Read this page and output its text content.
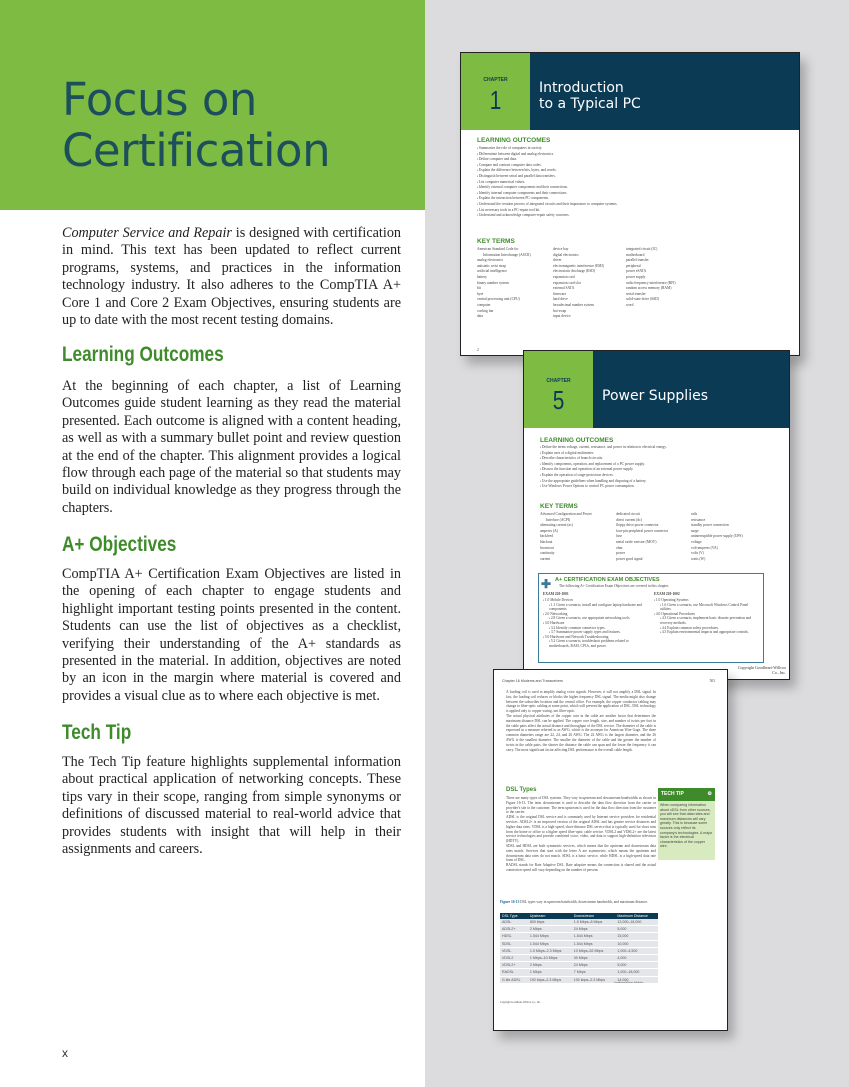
Focus on
Certification

Computer Service and Repair is designed with certification in mind. This text has been updated to reflect current programs, systems, and practices in the information technology industry. It also adheres to the CompTIA A+ Core 1 and Core 2 Exam Objectives, ensuring students are up to date with the most recent testing domains.

Learning Outcomes

At the beginning of each chapter, a list of Learning Outcomes guide student learning as they read the material presented. Each outcome is aligned with a content heading, as well as with a summary bullet point and review question at the end of the chapter. This alignment provides a logical flow through each page of the material so that students may build on individual knowledge as they progress through the chapters.

A+ Objectives

CompTIA A+ Certification Exam Objectives are listed in the opening of each chapter to engage students and highlight important testing points presented in the content. Students can use the list of objectives as a checklist, verifying their understanding of the A+ standards as presented in the material. In addition, objectives are noted by an icon in the margin where material is covered and provides a visual clue as to where each objective is met.

Tech Tip

The Tech Tip feature highlights supplemental information about practical application of networking concepts. These tips vary in their scope, ranging from simple synonyms or definitions of discussed material to real-world advice that provides students with insight that will help in their assignments and careers.

x
CHAPTER
1	Introduction
to a Typical PC
LEARNING OUTCOMES
▪ Summarize the role of computers in society.
▪ Differentiate between digital and analog electronics.
▪ Define computer and data.
▪ Compare and contrast computer data codes.
▪ Explain the difference between bits, bytes, and words.
▪ Distinguish between serial and parallel data transfers.
▪ List computer numerical values.
▪ Identify external computer components and their connections.
▪ Identify internal computer components and their connections.
▪ Explain the interaction between PC components.
▪ Understand the creation process of integrated circuits and their importance to computer systems.
▪ List necessary tools in a PC-repair tool kit.
▪ Understand and acknowledge computer-repair safety concerns.
KEY TERMS
American Standard Code for
Information Interchange (ASCII)
analog electronics
antistatic wrist strap
artificial intelligence
battery
binary number system
bit
byte
central processing unit (CPU)
computer
cooling fan
data
device bay
digital electronics
driver
electromagnetic interference (EMI)
electrostatic discharge (ESD)
expansion card
expansion card slot
external SATA
firmware
hard drive
hexadecimal number system
hot-swap
input device
integrated circuit (IC)
motherboard
parallel transfer
peripheral
power eSATA
power supply
radio frequency interference (RFI)
random access memory (RAM)
serial transfer
solid-state drive (SSD)
word
2
CHAPTER
5	Power Supplies
LEARNING OUTCOMES
▪ Define the terms voltage, current, resistance, and power in relation to electrical energy.
▪ Explain uses of a digital multimeter.
▪ Describe characteristics of branch circuits.
▪ Identify components, operation, and replacement of a PC power supply.
▪ Discuss the function and operation of an external power supply.
▪ Explain the operation of surge-protection devices.
▪ Use the appropriate guidelines when handling and disposing of a battery.
▪ Use Windows Power Options to control PC power consumption.
KEY TERMS
Advanced Configuration and Power
Interface (ACPI)
alternating current (ac)
amperes (A)
backfeed
blackout
brownout
continuity
current
dedicated circuit
direct current (dc)
floppy drive power connector
four-pin peripheral power connector
fuse
metal oxide varistor (MOV)
ohm
power
power good signal
rails
resistance
standby power connection
surge
uninterruptible power supply (UPS)
voltage
volt-amperes (VA)
volts (V)
watts (W)
✚ A+ CERTIFICATION EXAM OBJECTIVES
The following A+ Certification Exam Objectives are covered in this chapter.
EXAM 220-1001
▪ 1.0 Mobile Devices
▪ 1.1 Given a scenario, install and configure laptop hardware and components.
▪ 2.0 Networking
▪ 2.8 Given a scenario, use appropriate networking tools.
▪ 3.0 Hardware
▪ 3.2 Identify common connector types.
▪ 3.7 Summarize power supply types and features.
▪ 5.0 Hardware and Network Troubleshooting
▪ 5.2 Given a scenario, troubleshoot problems related to motherboards, RAM, CPUs, and power.
EXAM 220-1002
▪ 1.0 Operating Systems
▪ 1.6 Given a scenario, use Microsoft Windows Control Panel utilities.
▪ 4.0 Operational Procedures
▪ 4.3 Given a scenario, implement basic disaster prevention and recovery methods.
▪ 4.4 Explain common safety procedures.
▪ 4.5 Explain environmental impacts and appropriate controls.
Copyright Goodheart-Willcox Co., Inc.
Chapter 16 Modems and Transceivers	503

A loading coil is used to amplify analog voice signals. However, it will not amplify a DSL signal. In fact, the loading coil reduces or blocks the higher frequency DSL signal. The media might also change between the subscriber location and the central office. For example, the copper conductor cabling may change to fiber-optic cabling at some point, which will prevent the application of DSL. DSL technology is applied only to copper wiring, not fiber-optic.

The actual physical attributes of the copper core in the cable are another factor that determines the maximum distance DSL can be applied. The copper core length, size, and number of twists per foot in the cable pairs affect the actual distance and throughput of the DSL service. The diameter of the cable is expressed in a measure referred to as AWG, which is the acronym for American Wire Gage. The three common diameters range are 22, 24, and 26 AWG. The 22 AWG is the largest diameter, and the 26 AWG is the smallest diameter. The smaller the diameter of the cable and the greater the number of twists in the cable pairs, the shorter the distance the cable can span and the lower the frequency it can carry. The most significant factor affecting DSL performance is the overall cable length.

DSL Types

There are many types of DSL systems. They vary in upstream and downstream bandwidths as shown in Figure 16-13. The term downstream is used to describe the data flow direction from the carrier or provider's site to the customer. The term upstream is used for the data flow direction from the customer to the carrier.

ADSL is the original DSL service and is commonly used by Internet service providers for residential services. ADSL2+ is an improved version of the original ADSL and has greater service distances and higher data rates. VDSL is a high-speed, short-distance DSL service that is typically used for short runs from the home or office to a higher speed fiber-optic cable service. VDSL2 and VDSL2+ are the latest service technologies and provide combined voice, video, and data to support high-definition television (HDTV).

SDSL and HDSL are both symmetric services, which means that the upstream and downstream data rates match. Services that start with the letter A are asymmetric, which means the upstream and downstream data rates do not match. SDSL is a basic service, while HDSL is a high-speed data rate form of DSL.

RADSL stands for Rate Adaptive DSL. Rate adaptive means the connection is shared and the actual connection speed will vary depending on the number of persons

TECH TIP	⚙
When comparing information about xDSL from other sources, you will see that data rates and maximum distances will vary greatly. This is because some sources only reflect its company's technologies. A major factor is the electrical characteristics of the copper wire.
Figure 16-13 DSL types vary in upstream bandwidth, downstream bandwidth, and maximum distance.
DSL Type	Upstream	Downstream	Maximum Distance
ADSL	800 kbps	1.5 Mbps–8 Mbps	12,000–18,000
ADSL2+	2 Mbps	24 Mbps	5,000
HDSL	1.544 Mbps	1.544 Mbps	15,000
SDSL	1.544 Mbps	1.544 Mbps	10,000
VDSL	1.5 Mbps–2.3 Mbps	10 Mbps–52 Mbps	1,000–4,500
VDSL2	1 Mbps–10 Mbps	30 Mbps	4,000
VDSL2+	2 Mbps	24 Mbps	5,000
RADSL	1 Mbps	7 Mbps	1,000–18,000
G.lite ADSL	192 kbps–2.3 Mbps	192 kbps–2.3 Mbps	14,000
Goodheart-Willcox Publisher
Copyright Goodheart-Willcox Co., Inc.
